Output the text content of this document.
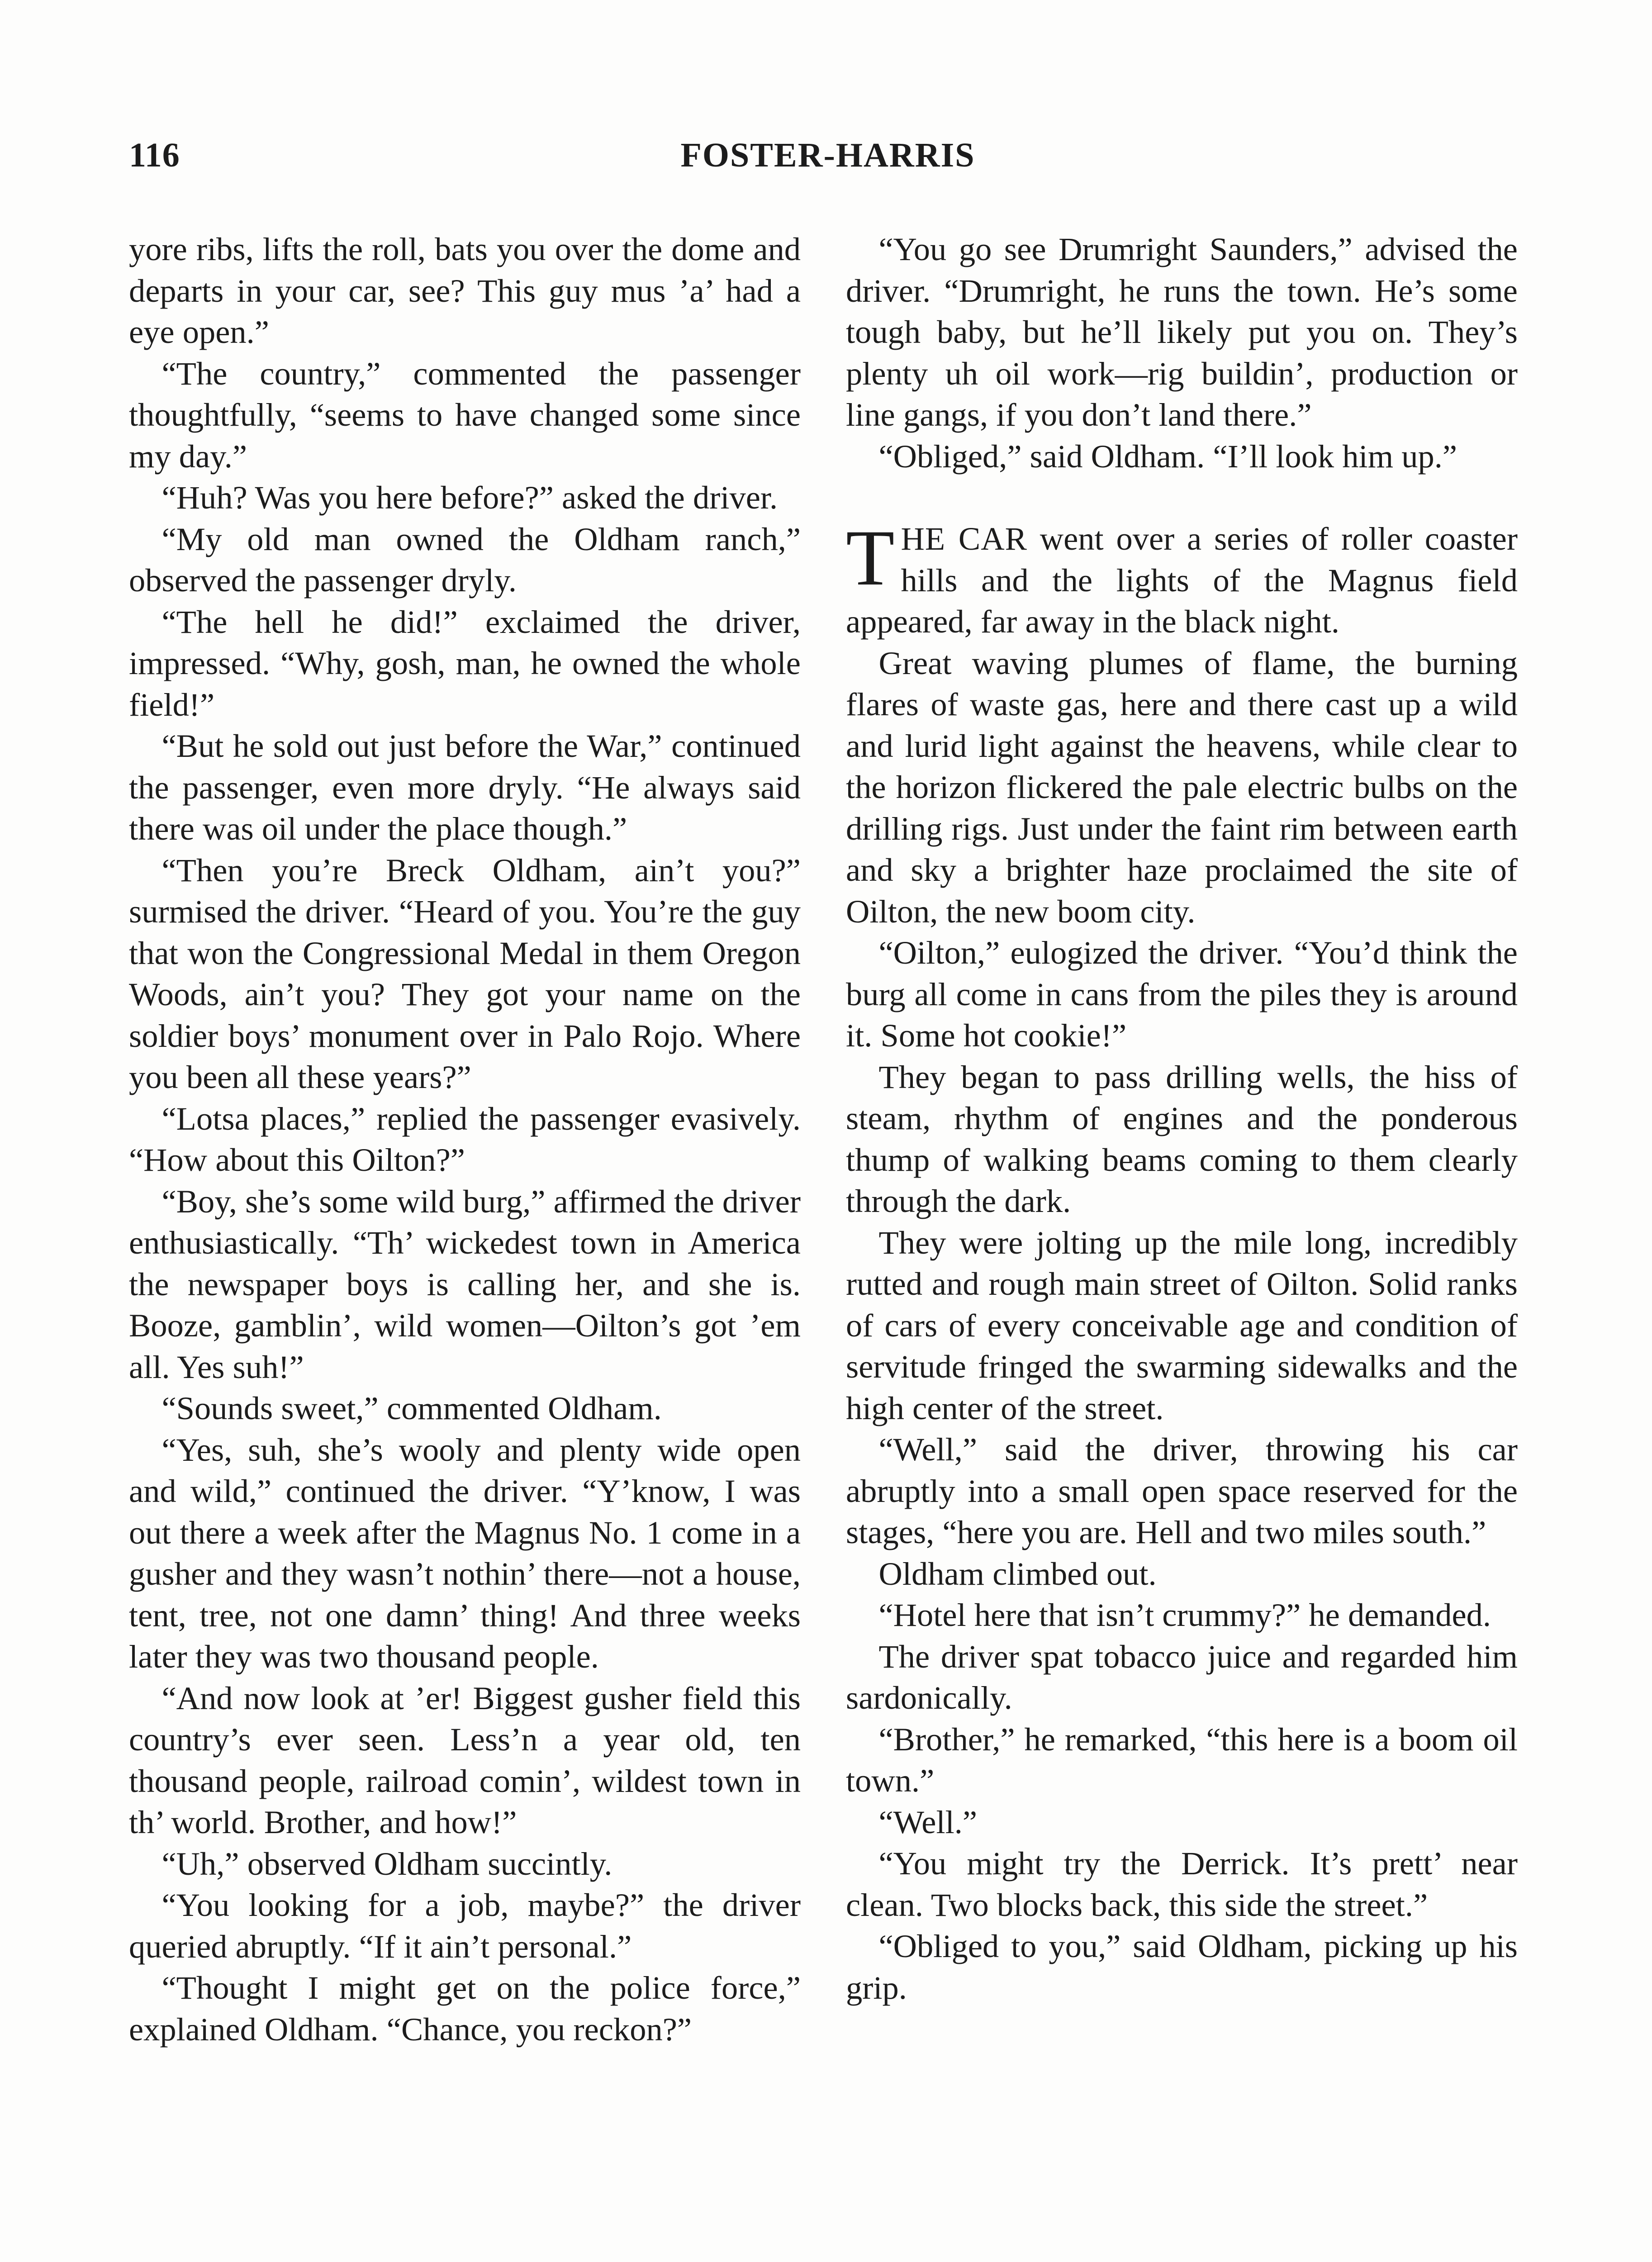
116	FOSTER-HARRIS

yore ribs, lifts the roll, bats you over the dome and departs in your car, see? This guy mus ’a’ had a eye open.”

“The country,” commented the passenger thoughtfully, “seems to have changed some since my day.”

“Huh? Was you here before?” asked the driver.

“My old man owned the Oldham ranch,” observed the passenger dryly.

“The hell he did!” exclaimed the driver, impressed. “Why, gosh, man, he owned the whole field!”

“But he sold out just before the War,” continued the passenger, even more dryly. “He always said there was oil under the place though.”

“Then you’re Breck Oldham, ain’t you?” surmised the driver. “Heard of you. You’re the guy that won the Congressional Medal in them Oregon Woods, ain’t you? They got your name on the soldier boys’ monument over in Palo Rojo. Where you been all these years?”

“Lotsa places,” replied the passenger evasively. “How about this Oilton?”

“Boy, she’s some wild burg,” affirmed the driver enthusiastically. “Th’ wickedest town in America the newspaper boys is calling her, and she is. Booze, gamblin’, wild women—Oilton’s got ’em all. Yes suh!”

“Sounds sweet,” commented Oldham.

“Yes, suh, she’s wooly and plenty wide open and wild,” continued the driver. “Y’know, I was out there a week after the Magnus No. 1 come in a gusher and they wasn’t nothin’ there—not a house, tent, tree, not one damn’ thing! And three weeks later they was two thousand people.

“And now look at ’er! Biggest gusher field this country’s ever seen. Less’n a year old, ten thousand people, railroad comin’, wildest town in th’ world. Brother, and how!”

“Uh,” observed Oldham succintly.

“You looking for a job, maybe?” the driver queried abruptly. “If it ain’t personal.”

“Thought I might get on the police force,” explained Oldham. “Chance, you reckon?”

“You go see Drumright Saunders,” advised the driver. “Drumright, he runs the town. He’s some tough baby, but he’ll likely put you on. They’s plenty uh oil work—rig buildin’, production or line gangs, if you don’t land there.”

“Obliged,” said Oldham. “I’ll look him up.”

THE CAR went over a series of roller coaster hills and the lights of the Magnus field appeared, far away in the black night.

Great waving plumes of flame, the burning flares of waste gas, here and there cast up a wild and lurid light against the heavens, while clear to the horizon flickered the pale electric bulbs on the drilling rigs. Just under the faint rim between earth and sky a brighter haze proclaimed the site of Oilton, the new boom city.

“Oilton,” eulogized the driver. “You’d think the burg all come in cans from the piles they is around it. Some hot cookie!”

They began to pass drilling wells, the hiss of steam, rhythm of engines and the ponderous thump of walking beams coming to them clearly through the dark.

They were jolting up the mile long, incredibly rutted and rough main street of Oilton. Solid ranks of cars of every conceivable age and condition of servitude fringed the swarming sidewalks and the high center of the street.

“Well,” said the driver, throwing his car abruptly into a small open space reserved for the stages, “here you are. Hell and two miles south.”

Oldham climbed out.

“Hotel here that isn’t crummy?” he demanded.

The driver spat tobacco juice and regarded him sardonically.

“Brother,” he remarked, “this here is a boom oil town.”

“Well.”

“You might try the Derrick. It’s prett’ near clean. Two blocks back, this side the street.”

“Obliged to you,” said Oldham, picking up his grip.
